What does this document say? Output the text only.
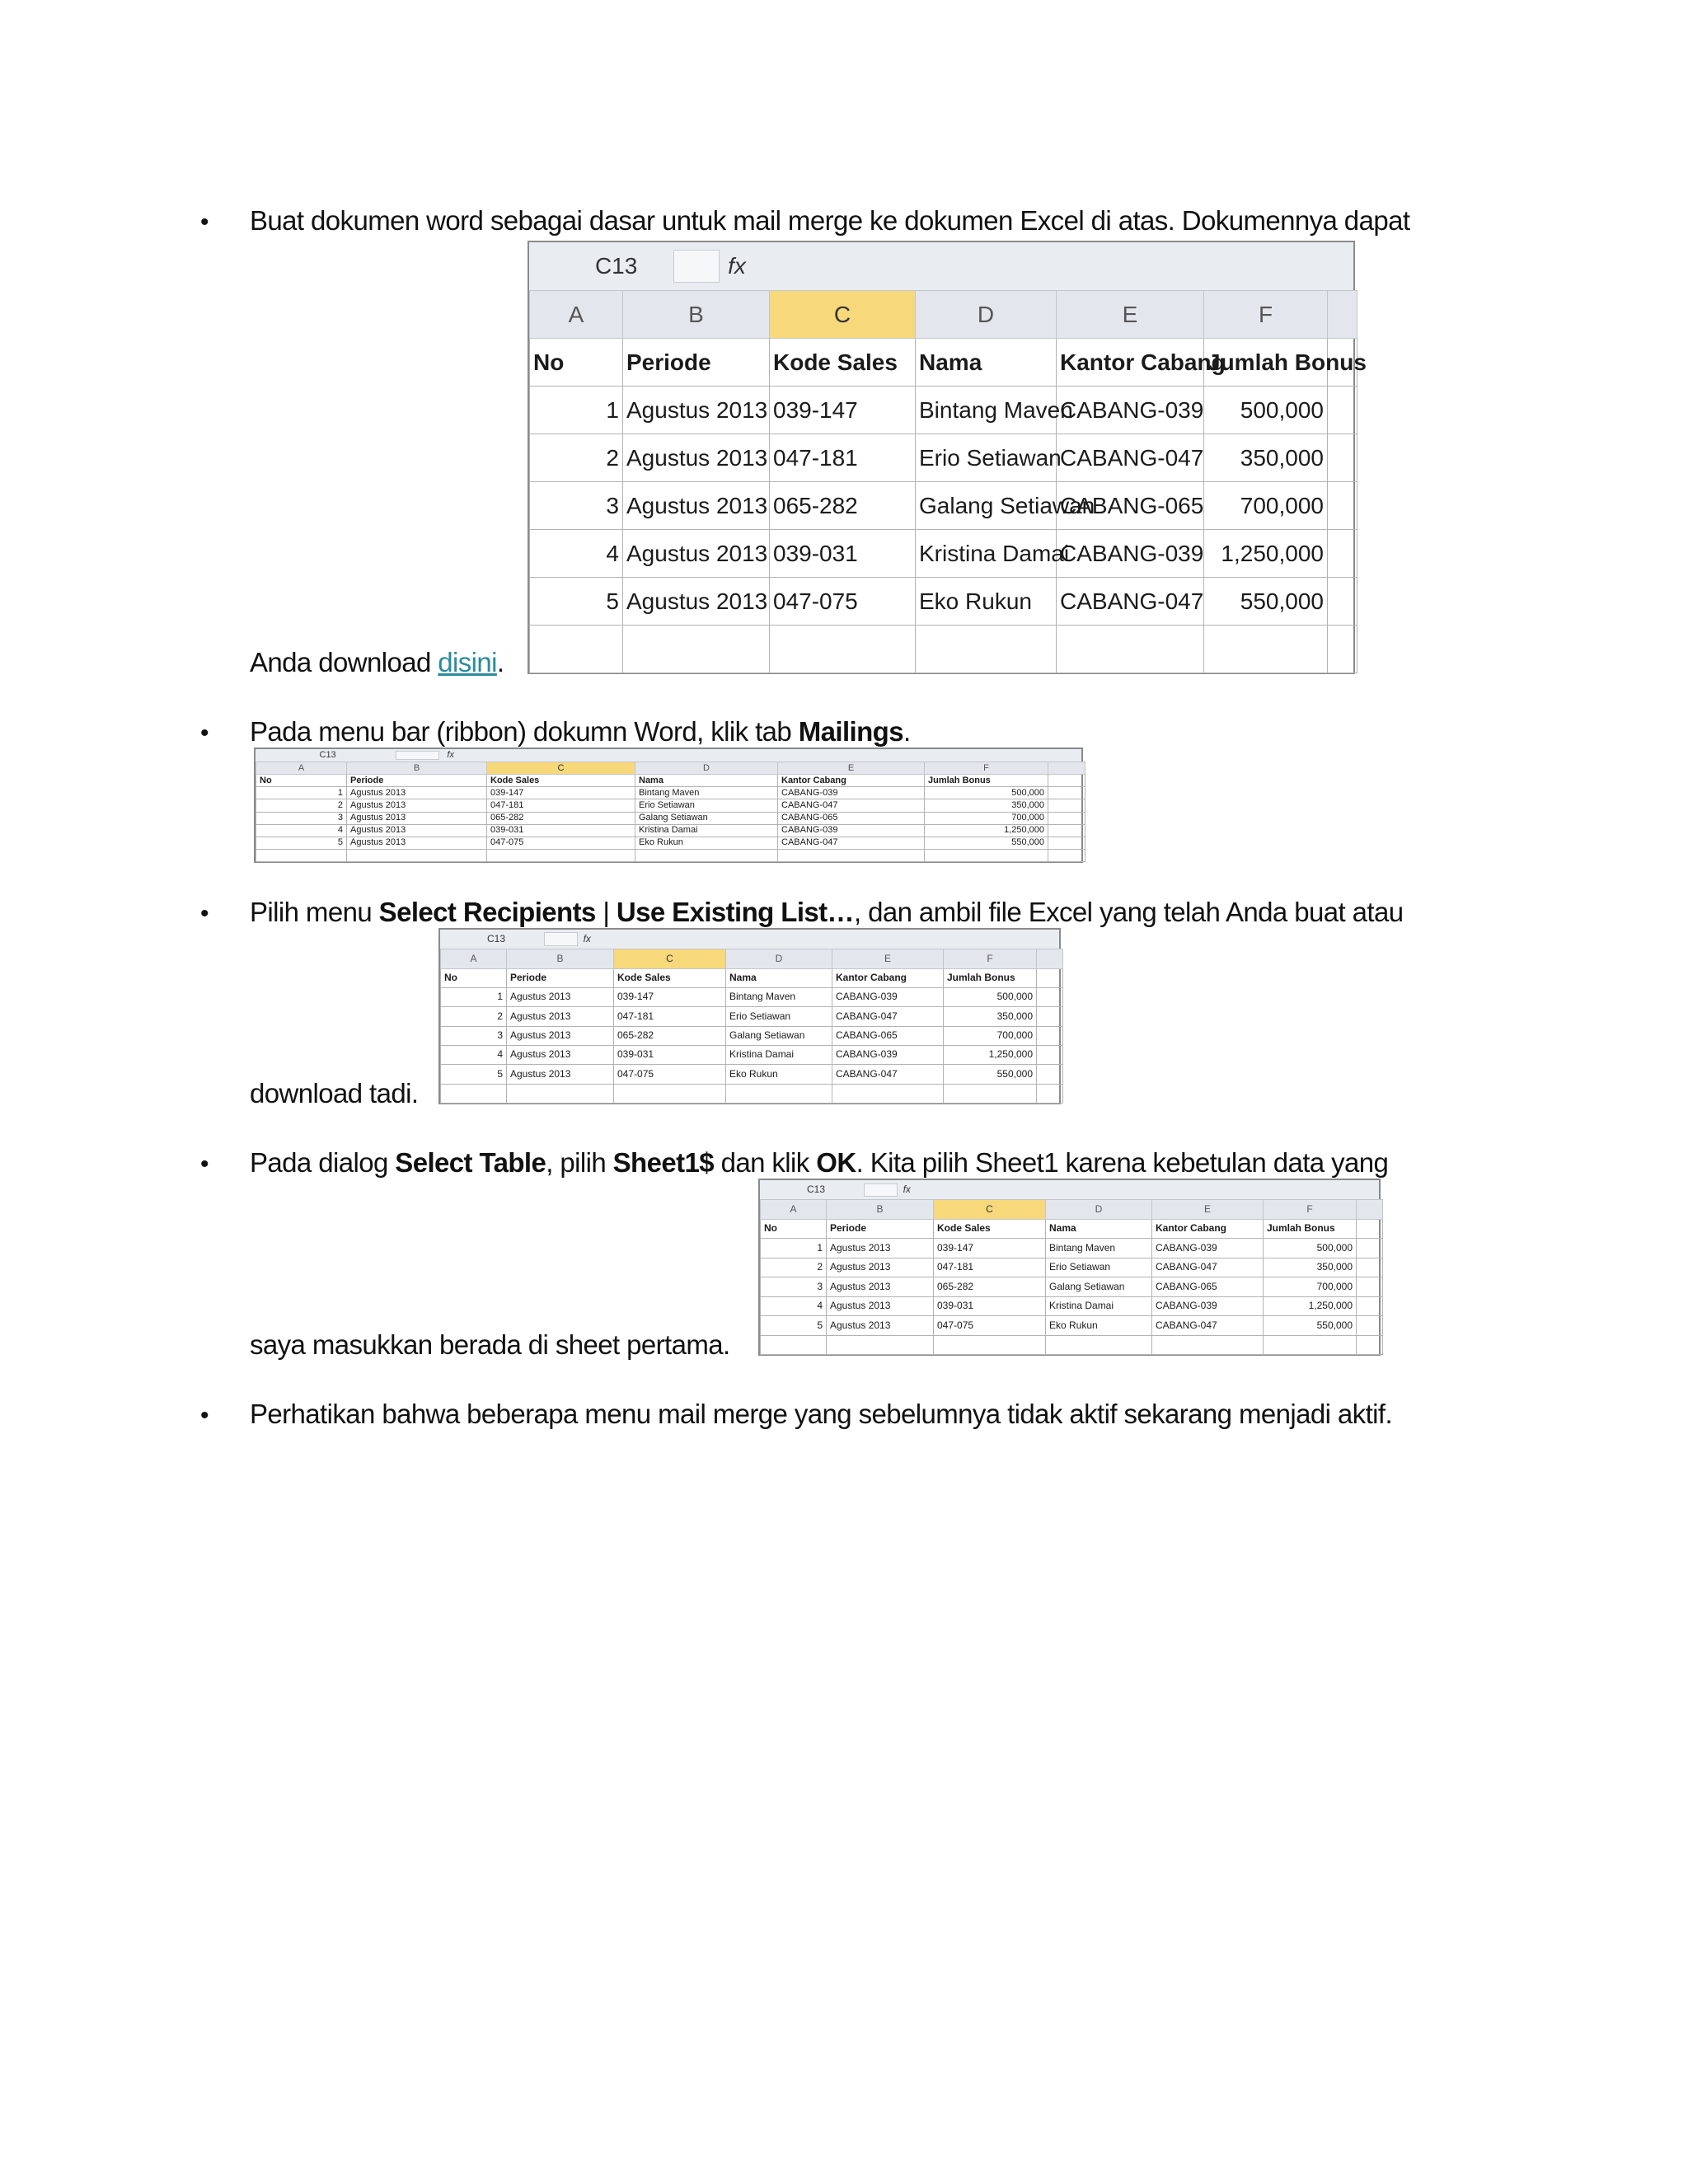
• Buat dokumen word sebagai dasar untuk mail merge ke dokumen Excel di atas. Dokumennya dapat
Anda download disini.
• Pada menu bar (ribbon) dokumn Word, klik tab Mailings.
• Pilih menu Select Recipients | Use Existing List…, dan ambil file Excel yang telah Anda buat atau
download tadi.
• Pada dialog Select Table, pilih Sheet1$ dan klik OK. Kita pilih Sheet1 karena kebetulan data yang
saya masukkan berada di sheet pertama.
• Perhatikan bahwa beberapa menu mail merge yang sebelumnya tidak aktif sekarang menjadi aktif.
C13	fx
A	B	C	D	E	F	
No	Periode	Kode Sales	Nama	Kantor Cabang	Jumlah Bonus	
1	Agustus 2013	039-147	Bintang Maven	CABANG-039	500,000	
2	Agustus 2013	047-181	Erio Setiawan	CABANG-047	350,000	
3	Agustus 2013	065-282	Galang Setiawan	CABANG-065	700,000	
4	Agustus 2013	039-031	Kristina Damai	CABANG-039	1,250,000	
5	Agustus 2013	047-075	Eko Rukun	CABANG-047	550,000	

C13	fx
A	B	C	D	E	F	
No	Periode	Kode Sales	Nama	Kantor Cabang	Jumlah Bonus	
1	Agustus 2013	039-147	Bintang Maven	CABANG-039	500,000	
2	Agustus 2013	047-181	Erio Setiawan	CABANG-047	350,000	
3	Agustus 2013	065-282	Galang Setiawan	CABANG-065	700,000	
4	Agustus 2013	039-031	Kristina Damai	CABANG-039	1,250,000	
5	Agustus 2013	047-075	Eko Rukun	CABANG-047	550,000	

C13	fx
A	B	C	D	E	F	
No	Periode	Kode Sales	Nama	Kantor Cabang	Jumlah Bonus	
1	Agustus 2013	039-147	Bintang Maven	CABANG-039	500,000	
2	Agustus 2013	047-181	Erio Setiawan	CABANG-047	350,000	
3	Agustus 2013	065-282	Galang Setiawan	CABANG-065	700,000	
4	Agustus 2013	039-031	Kristina Damai	CABANG-039	1,250,000	
5	Agustus 2013	047-075	Eko Rukun	CABANG-047	550,000	

C13	fx
A	B	C	D	E	F	
No	Periode	Kode Sales	Nama	Kantor Cabang	Jumlah Bonus	
1	Agustus 2013	039-147	Bintang Maven	CABANG-039	500,000	
2	Agustus 2013	047-181	Erio Setiawan	CABANG-047	350,000	
3	Agustus 2013	065-282	Galang Setiawan	CABANG-065	700,000	
4	Agustus 2013	039-031	Kristina Damai	CABANG-039	1,250,000	
5	Agustus 2013	047-075	Eko Rukun	CABANG-047	550,000	
